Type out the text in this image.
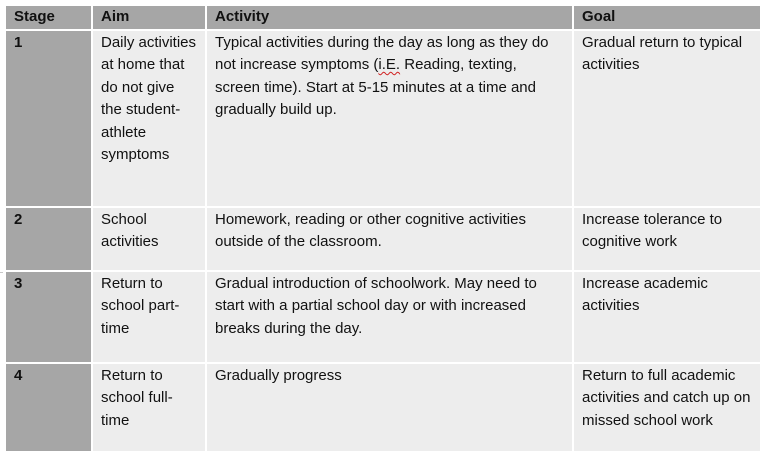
Stage	Aim	Activity	Goal
1	Daily activities at home that do not give the student-athlete symptoms	Typical activities during the day as long as they do not increase symptoms (i.E. Reading, texting, screen time). Start at 5-15 minutes at a time and gradually build up.	Gradual return to typical activities
2	School activities	Homework, reading or other cognitive activities outside of the classroom.	Increase tolerance to cognitive work
3	Return to school part-time	Gradual introduction of schoolwork. May need to start with a partial school day or with increased breaks during the day.	Increase academic activities
4	Return to school full-time	Gradually progress	Return to full academic activities and catch up on missed school work
